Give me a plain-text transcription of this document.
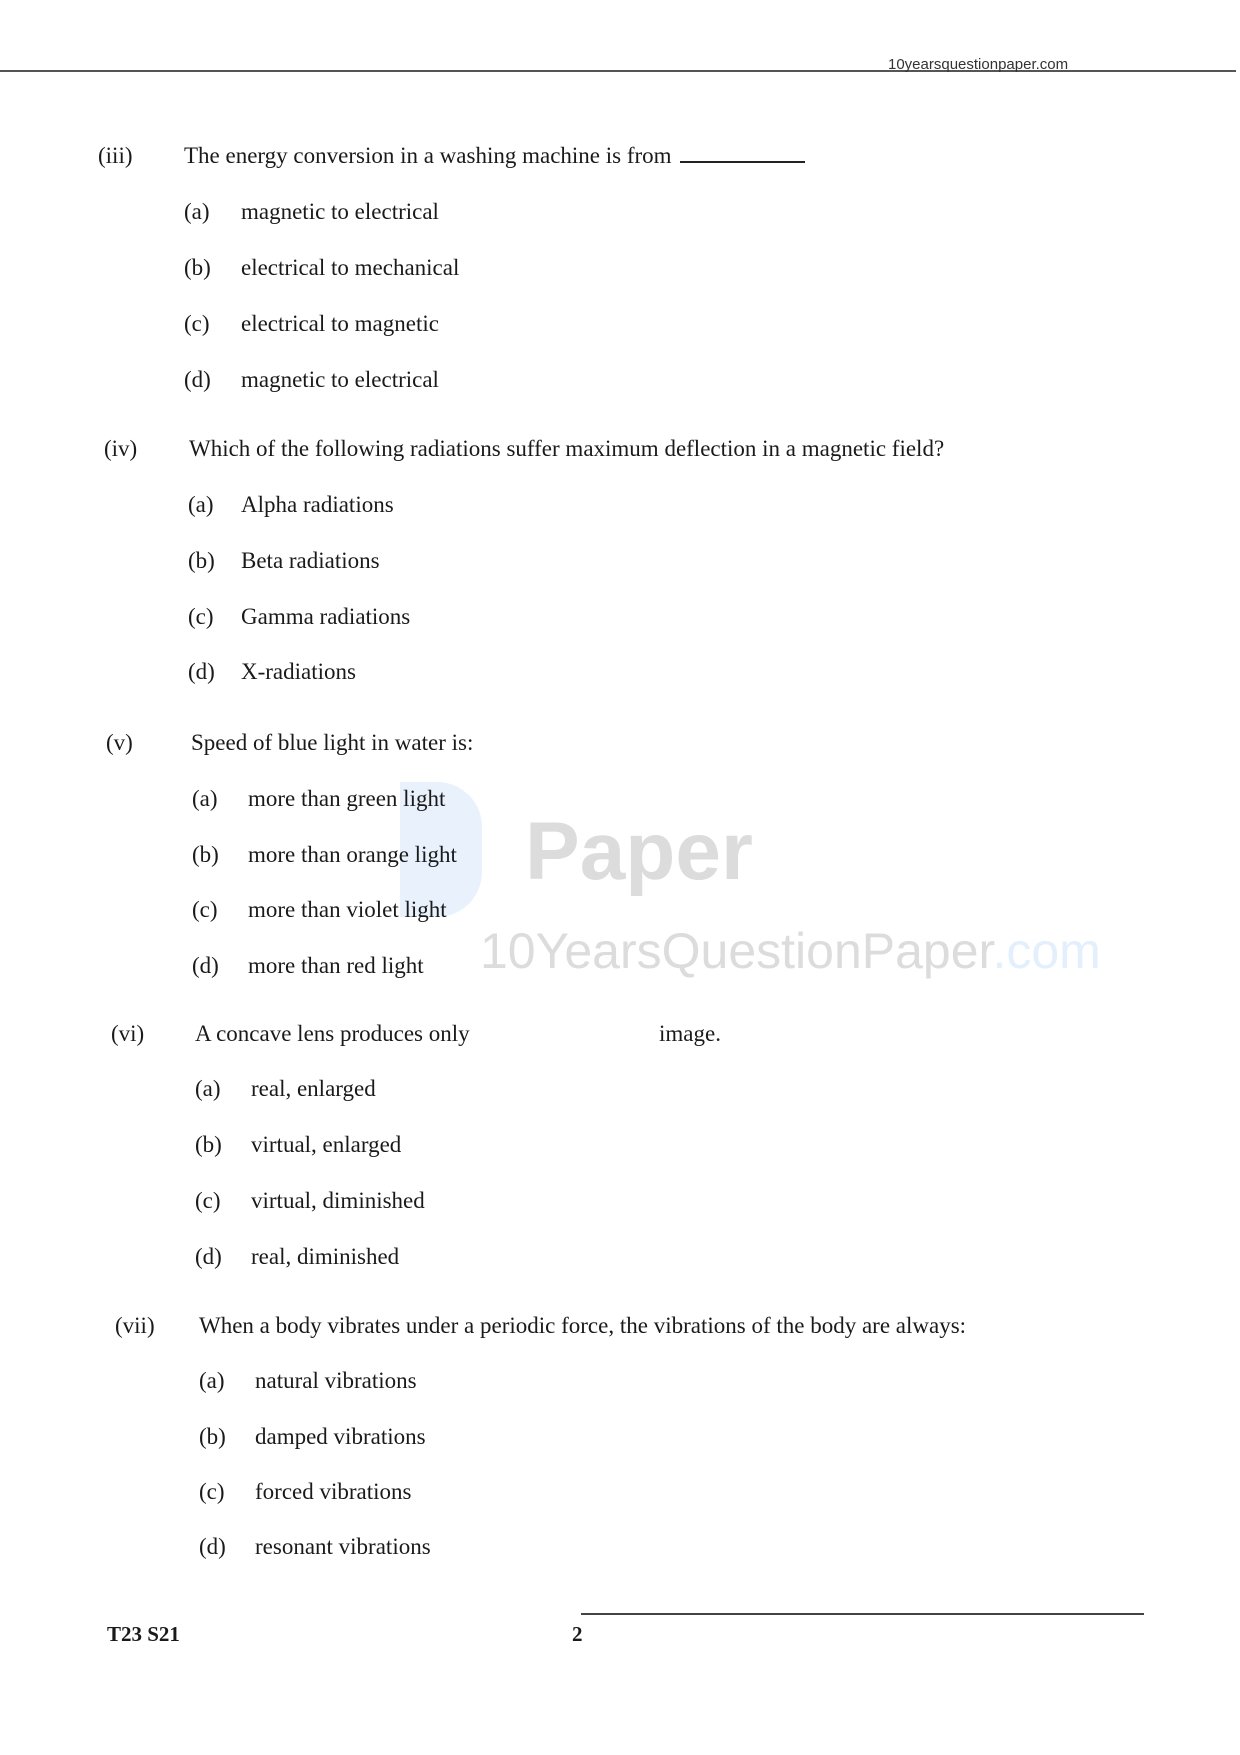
10yearsquestionpaper.com
Paper
10YearsQuestionPaper.com
(iii) The energy conversion in a washing machine is from
(a) magnetic to electrical
(b) electrical to mechanical
(c) electrical to magnetic
(d) magnetic to electrical
(iv) Which of the following radiations suffer maximum deflection in a magnetic field?
(a) Alpha radiations
(b) Beta radiations
(c) Gamma radiations
(d) X-radiations
(v)	Speed of blue light in water is:
(a) more than green light
(b) more than orange light
(c) more than violet light
(d) more than red light
(vi) A concave lens produces only	image.
(a) real, enlarged
(b) virtual, enlarged
(c) virtual, diminished
(d) real, diminished
(vii) When a body vibrates under a periodic force, the vibrations of the body are always:
(a) natural vibrations
(b) damped vibrations
(c) forced vibrations
(d) resonant vibrations
T23 S21	2
